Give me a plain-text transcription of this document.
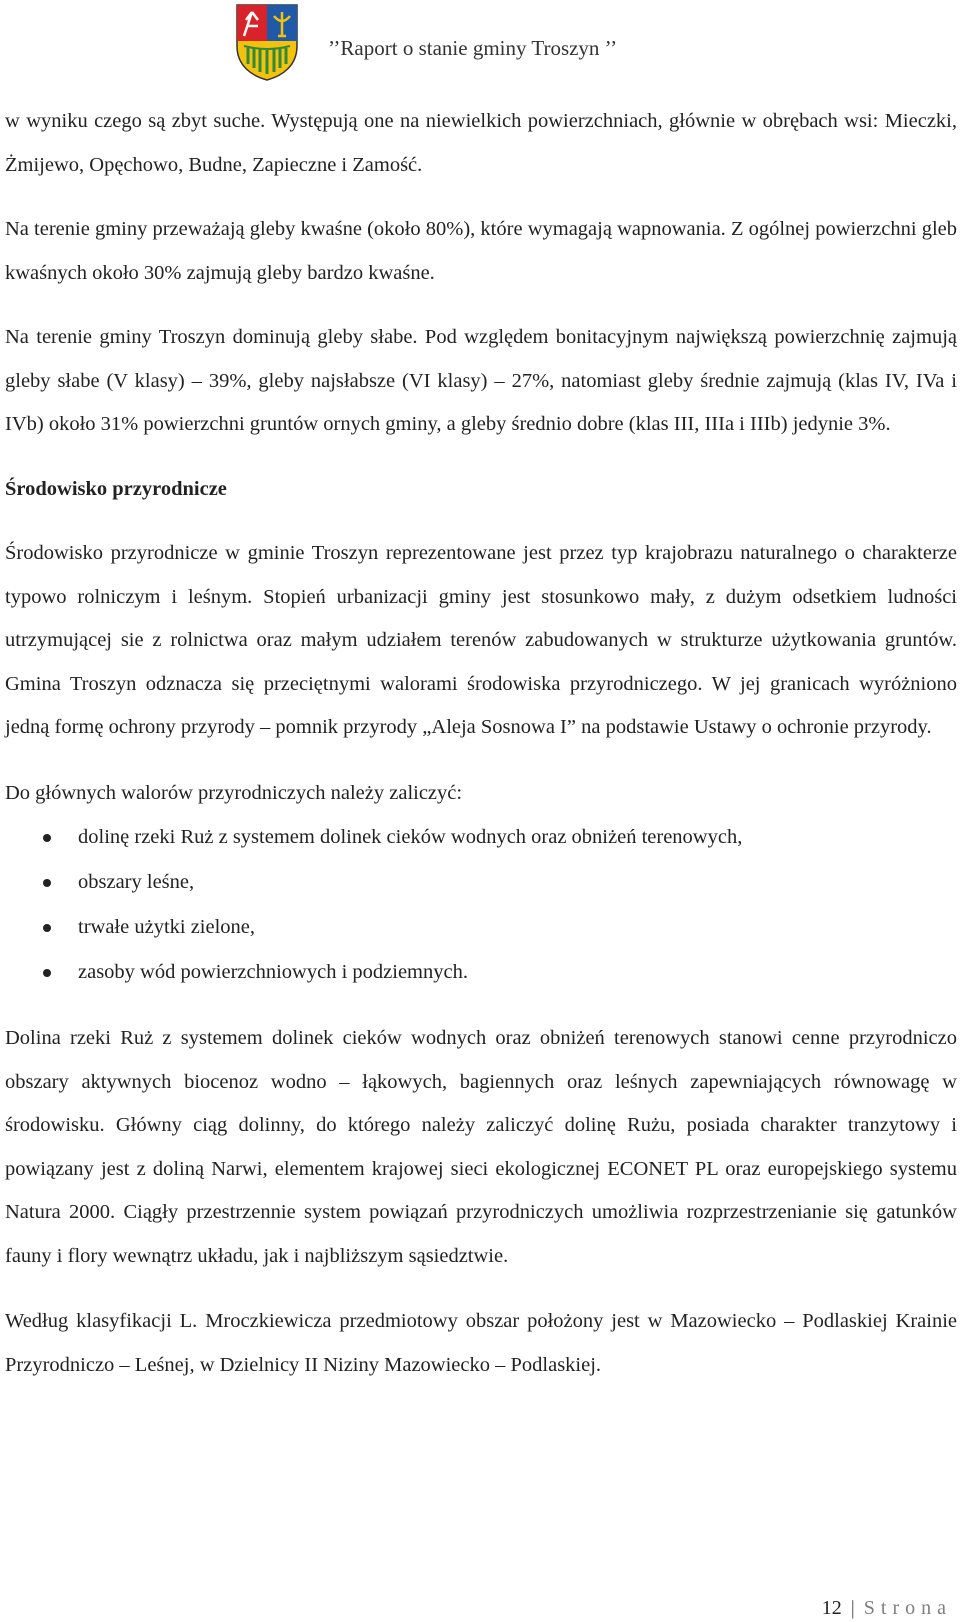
’’Raport o stanie gminy Troszyn ’’

w wyniku czego są zbyt suche. Występują one na niewielkich powierzchniach, głównie w obrębach wsi: Mieczki, Żmijewo, Opęchowo, Budne, Zapieczne i Zamość.

Na terenie gminy przeważają gleby kwaśne (około 80%), które wymagają wapnowania. Z ogólnej powierzchni gleb kwaśnych około 30% zajmują gleby bardzo kwaśne.

Na terenie gminy Troszyn dominują gleby słabe. Pod względem bonitacyjnym największą powierzchnię zajmują gleby słabe (V klasy) – 39%, gleby najsłabsze (VI klasy) – 27%, natomiast gleby średnie zajmują (klas IV, IVa i IVb) około 31% powierzchni gruntów ornych gminy, a gleby średnio dobre (klas III, IIIa i IIIb) jedynie 3%.

Środowisko przyrodnicze

Środowisko przyrodnicze w gminie Troszyn reprezentowane jest przez typ krajobrazu naturalnego o charakterze typowo rolniczym i leśnym. Stopień urbanizacji gminy jest stosunkowo mały, z dużym odsetkiem ludności utrzymującej sie z rolnictwa oraz małym udziałem terenów zabudowanych w strukturze użytkowania gruntów. Gmina Troszyn odznacza się przeciętnymi walorami środowiska przyrodniczego. W jej granicach wyróżniono jedną formę ochrony przyrody – pomnik przyrody „Aleja Sosnowa I” na podstawie Ustawy o ochronie przyrody.

Do głównych walorów przyrodniczych należy zaliczyć:

dolinę rzeki Ruż z systemem dolinek cieków wodnych oraz obniżeń terenowych,
obszary leśne,
trwałe użytki zielone,
zasoby wód powierzchniowych i podziemnych.

Dolina rzeki Ruż z systemem dolinek cieków wodnych oraz obniżeń terenowych stanowi cenne przyrodniczo obszary aktywnych biocenoz wodno – łąkowych, bagiennych oraz leśnych zapewniających równowagę w środowisku. Główny ciąg dolinny, do którego należy zaliczyć dolinę Rużu, posiada charakter tranzytowy i powiązany jest z doliną Narwi, elementem krajowej sieci ekologicznej ECONET PL oraz europejskiego systemu Natura 2000. Ciągły przestrzennie system powiązań przyrodniczych umożliwia rozprzestrzenianie się gatunków fauny i flory wewnątrz układu, jak i najbliższym sąsiedztwie.

Według klasyfikacji L. Mroczkiewicza przedmiotowy obszar położony jest w Mazowiecko – Podlaskiej Krainie Przyrodniczo – Leśnej, w Dzielnicy II Niziny Mazowiecko – Podlaskiej.

12 | Strona
